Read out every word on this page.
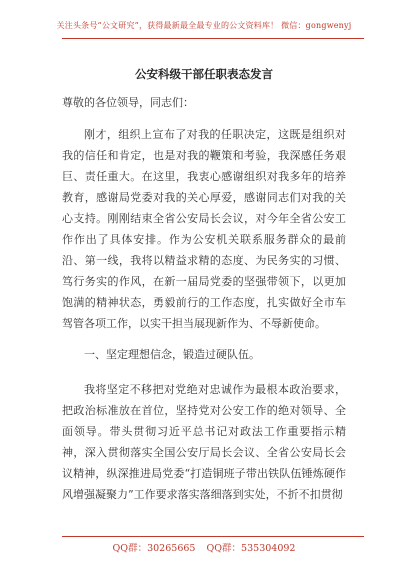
关注头条号“公文研究”，获得最新最全最专业的公文资料库！ 微信：gongwenyj
公安科级干部任职表态发言

尊敬的各位领导，同志们：

刚才，组织上宣布了对我的任职决定，这既是组织对我的信任和肯定，也是对我的鞭策和考验，我深感任务艰巨、责任重大。在这里，我衷心感谢组织对我多年的培养教育，感谢局党委对我的关心厚爱，感谢同志们对我的关心支持。刚刚结束全省公安局长会议，对今年全省公安工作作出了具体安排。作为公安机关联系服务群众的最前沿、第一线，我将以精益求精的态度、为民务实的习惯、笃行务实的作风，在新一届局党委的坚强带领下，以更加饱满的精神状态，勇毅前行的工作态度，扎实做好全市车驾管各项工作，以实干担当展现新作为、不辱新使命。

一、坚定理想信念，锻造过硬队伍。

我将坚定不移把对党绝对忠诚作为最根本政治要求，把政治标准放在首位，坚持党对公安工作的绝对领导、全面领导。带头贯彻习近平总书记对政法工作重要指示精神，深入贯彻落实全国公安厅局长会议、全省公安局长会议精神，纵深推进局党委“打造铜班子带出铁队伍锤炼硬作风增强凝聚力”工作要求落实落细落到实处，不折不扣贯彻

QQ群：30265665 QQ群：535304092
